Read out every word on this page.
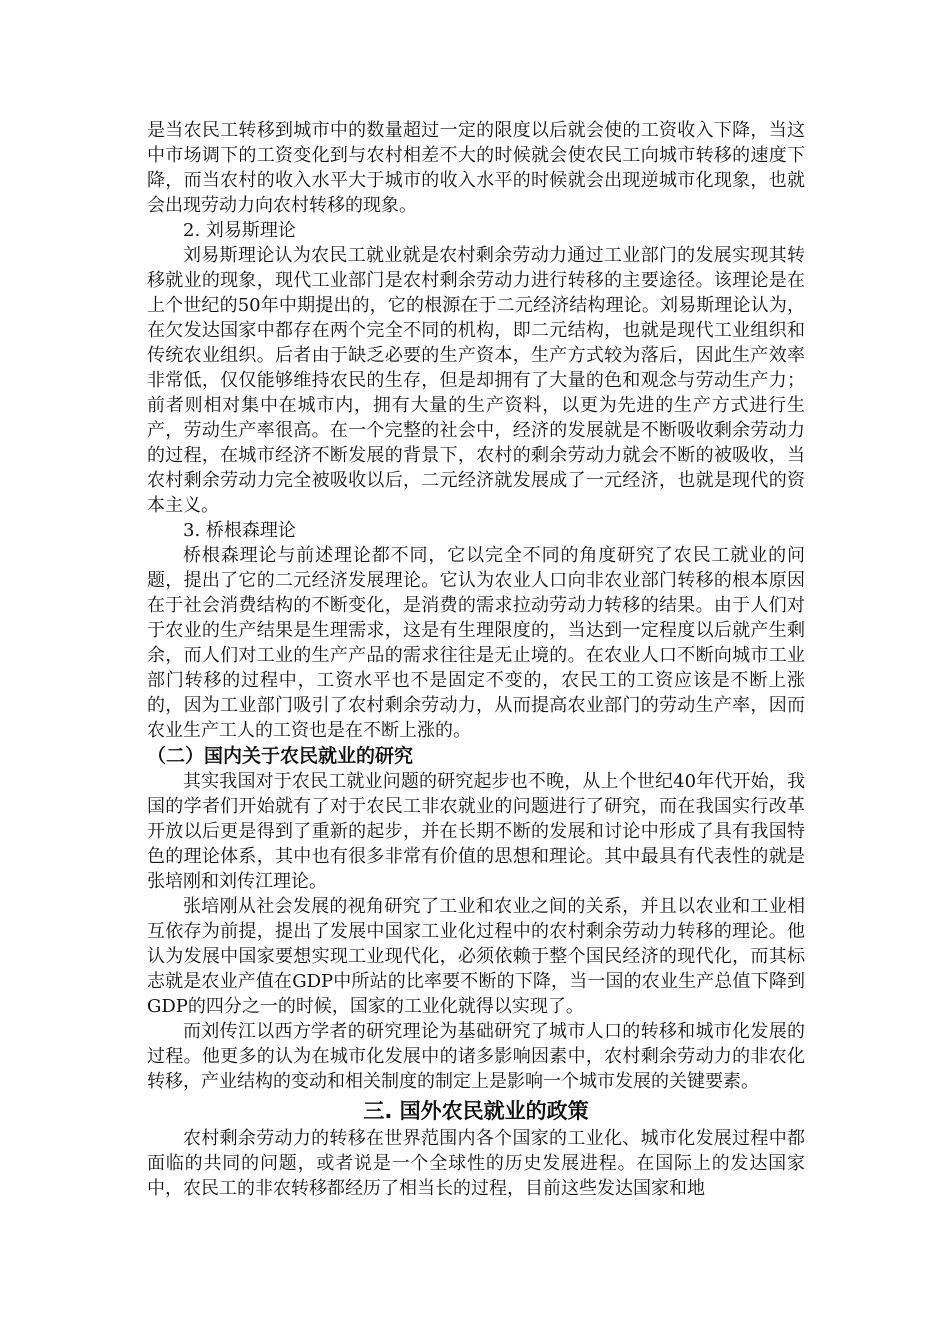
是当农民工转移到城市中的数量超过一定的限度以后就会使的工资收入下降，当这中市场调下的工资变化到与农村相差不大的时候就会使农民工向城市转移的速度下降，而当农村的收入水平大于城市的收入水平的时候就会出现逆城市化现象，也就会出现劳动力向农村转移的现象。

2. 刘易斯理论

刘易斯理论认为农民工就业就是农村剩余劳动力通过工业部门的发展实现其转移就业的现象，现代工业部门是农村剩余劳动力进行转移的主要途径。该理论是在上个世纪的50年中期提出的，它的根源在于二元经济结构理论。刘易斯理论认为，在欠发达国家中都存在两个完全不同的机构，即二元结构，也就是现代工业组织和传统农业组织。后者由于缺乏必要的生产资本，生产方式较为落后，因此生产效率非常低，仅仅能够维持农民的生存，但是却拥有了大量的色和观念与劳动生产力；前者则相对集中在城市内，拥有大量的生产资料，以更为先进的生产方式进行生产，劳动生产率很高。在一个完整的社会中，经济的发展就是不断吸收剩余劳动力的过程，在城市经济不断发展的背景下，农村的剩余劳动力就会不断的被吸收，当农村剩余劳动力完全被吸收以后，二元经济就发展成了一元经济，也就是现代的资本主义。

3. 桥根森理论

桥根森理论与前述理论都不同，它以完全不同的角度研究了农民工就业的问题，提出了它的二元经济发展理论。它认为农业人口向非农业部门转移的根本原因在于社会消费结构的不断变化，是消费的需求拉动劳动力转移的结果。由于人们对于农业的生产结果是生理需求，这是有生理限度的，当达到一定程度以后就产生剩余，而人们对工业的生产产品的需求往往是无止境的。在农业人口不断向城市工业部门转移的过程中，工资水平也不是固定不变的，农民工的工资应该是不断上涨的，因为工业部门吸引了农村剩余劳动力，从而提高农业部门的劳动生产率，因而农业生产工人的工资也是在不断上涨的。

（二）国内关于农民就业的研究

其实我国对于农民工就业问题的研究起步也不晚，从上个世纪40年代开始，我国的学者们开始就有了对于农民工非农就业的问题进行了研究，而在我国实行改革开放以后更是得到了重新的起步，并在长期不断的发展和讨论中形成了具有我国特色的理论体系，其中也有很多非常有价值的思想和理论。其中最具有代表性的就是张培刚和刘传江理论。

张培刚从社会发展的视角研究了工业和农业之间的关系，并且以农业和工业相互依存为前提，提出了发展中国家工业化过程中的农村剩余劳动力转移的理论。他认为发展中国家要想实现工业现代化，必须依赖于整个国民经济的现代化，而其标志就是农业产值在GDP中所站的比率要不断的下降，当一国的农业生产总值下降到GDP的四分之一的时候，国家的工业化就得以实现了。

而刘传江以西方学者的研究理论为基础研究了城市人口的转移和城市化发展的过程。他更多的认为在城市化发展中的诸多影响因素中，农村剩余劳动力的非农化转移，产业结构的变动和相关制度的制定上是影响一个城市发展的关键要素。

三. 国外农民就业的政策

农村剩余劳动力的转移在世界范围内各个国家的工业化、城市化发展过程中都面临的共同的问题，或者说是一个全球性的历史发展进程。在国际上的发达国家中，农民工的非农转移都经历了相当长的过程，目前这些发达国家和地
